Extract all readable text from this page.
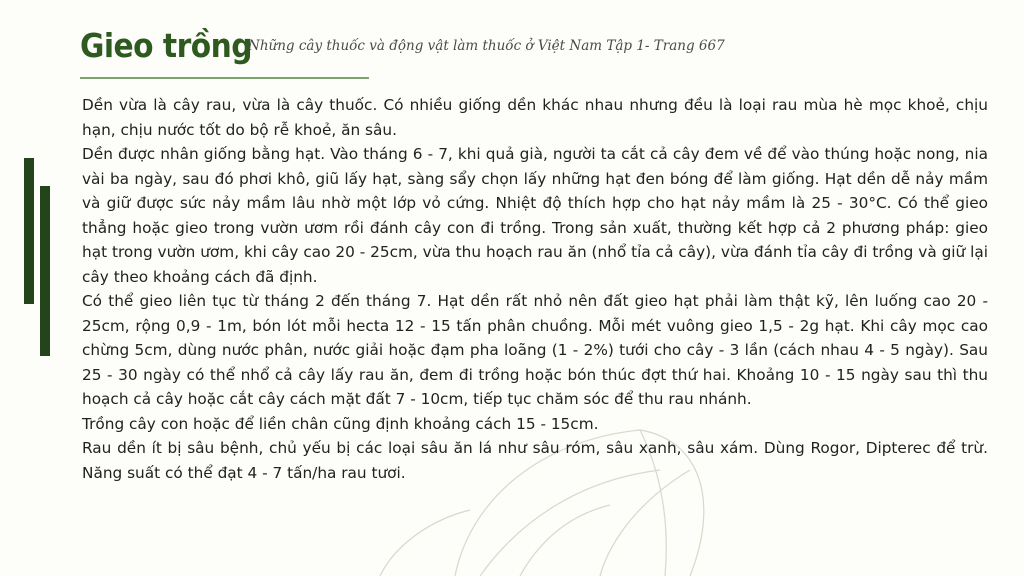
Gieo trồng
Những cây thuốc và động vật làm thuốc ở Việt Nam Tập 1- Trang 667

Dền vừa là cây rau, vừa là cây thuốc. Có nhiều giống dền khác nhau nhưng đều là loại rau mùa hè mọc khoẻ, chịu hạn, chịu nước tốt do bộ rễ khoẻ, ăn sâu.

Dền được nhân giống bằng hạt. Vào tháng 6 - 7, khi quả già, người ta cắt cả cây đem về để vào thúng hoặc nong, nia vài ba ngày, sau đó phơi khô, giũ lấy hạt, sàng sẩy chọn lấy những hạt đen bóng để làm giống. Hạt dền dễ nảy mầm và giữ được sức nảy mầm lâu nhờ một lớp vỏ cứng. Nhiệt độ thích hợp cho hạt nảy mầm là 25 - 30°C. Có thể gieo thẳng hoặc gieo trong vườn ươm rồi đánh cây con đi trồng. Trong sản xuất, thường kết hợp cả 2 phương pháp: gieo hạt trong vườn ươm, khi cây cao 20 - 25cm, vừa thu hoạch rau ăn (nhổ tỉa cả cây), vừa đánh tỉa cây đi trồng và giữ lại cây theo khoảng cách đã định.

Có thể gieo liên tục từ tháng 2 đến tháng 7. Hạt dền rất nhỏ nên đất gieo hạt phải làm thật kỹ, lên luống cao 20 - 25cm, rộng 0,9 - 1m, bón lót mỗi hecta 12 - 15 tấn phân chuồng. Mỗi mét vuông gieo 1,5 - 2g hạt. Khi cây mọc cao chừng 5cm, dùng nước phân, nước giải hoặc đạm pha loãng (1 - 2%) tưới cho cây - 3 lần (cách nhau 4 - 5 ngày). Sau 25 - 30 ngày có thể nhổ cả cây lấy rau ăn, đem đi trồng hoặc bón thúc đợt thứ hai. Khoảng 10 - 15 ngày sau thì thu hoạch cả cây hoặc cắt cây cách mặt đất 7 - 10cm, tiếp tục chăm sóc để thu rau nhánh.

Trồng cây con hoặc để liền chân cũng định khoảng cách 15 - 15cm.

Rau dền ít bị sâu bệnh, chủ yếu bị các loại sâu ăn lá như sâu róm, sâu xanh, sâu xám. Dùng Rogor, Dipterec để trừ. Năng suất có thể đạt 4 - 7 tấn/ha rau tươi.
